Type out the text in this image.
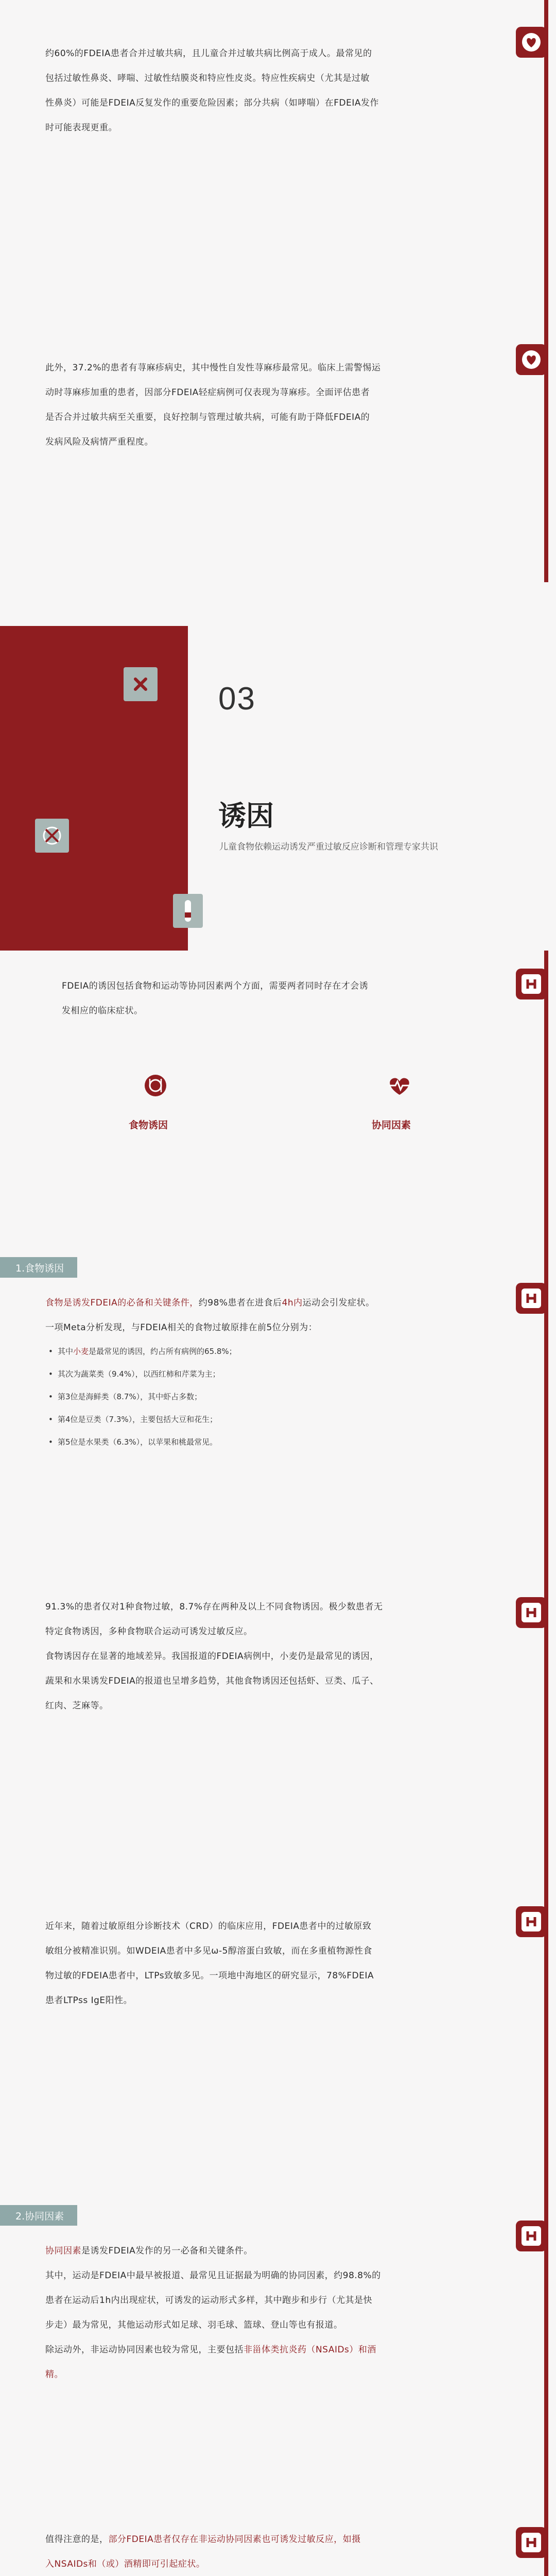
约60%的FDEIA患者合并过敏共病，且儿童合并过敏共病比例高于成人。最常见的

包括过敏性鼻炎、哮喘、过敏性结膜炎和特应性皮炎。特应性疾病史（尤其是过敏

性鼻炎）可能是FDEIA反复发作的重要危险因素；部分共病（如哮喘）在FDEIA发作

时可能表现更重。

此外，37.2%的患者有荨麻疹病史，其中慢性自发性荨麻疹最常见。临床上需警惕运

动时荨麻疹加重的患者，因部分FDEIA轻症病例可仅表现为荨麻疹。全面评估患者

是否合并过敏共病至关重要，良好控制与管理过敏共病，可能有助于降低FDEIA的

发病风险及病情严重程度。

03
诱因
儿童食物依赖运动诱发严重过敏反应诊断和管理专家共识

FDEIA的诱因包括食物和运动等协同因素两个方面，需要两者同时存在才会诱

发相应的临床症状。

食物诱因	协同因素
1.食物诱因

食物是诱发FDEIA的必备和关键条件，约98%患者在进食后4h内运动会引发症状。

一项Meta分析发现，与FDEIA相关的食物过敏原排在前5位分别为：

• 其中小麦是最常见的诱因，约占所有病例的65.8%；
• 其次为蔬菜类（9.4%），以西红柿和芹菜为主；
• 第3位是海鲜类（8.7%），其中虾占多数；
• 第4位是豆类（7.3%），主要包括大豆和花生；
• 第5位是水果类（6.3%），以苹果和桃最常见。

91.3%的患者仅对1种食物过敏，8.7%存在两种及以上不同食物诱因。极少数患者无

特定食物诱因，多种食物联合运动可诱发过敏反应。

食物诱因存在显著的地域差异。我国报道的FDEIA病例中，小麦仍是最常见的诱因，

蔬果和水果诱发FDEIA的报道也呈增多趋势，其他食物诱因还包括虾、豆类、瓜子、

红肉、芝麻等。

近年来，随着过敏原组分诊断技术（CRD）的临床应用，FDEIA患者中的过敏原致

敏组分被精准识别。如WDEIA患者中多见ω-5醇溶蛋白致敏，而在多重植物源性食

物过敏的FDEIA患者中，LTPs致敏多见。一项地中海地区的研究显示，78%FDEIA

患者LTPss IgE阳性。

2.协同因素

协同因素是诱发FDEIA发作的另一必备和关键条件。

其中，运动是FDEIA中最早被报道、最常见且证据最为明确的协同因素，约98.8%的

患者在运动后1h内出现症状，可诱发的运动形式多样，其中跑步和步行（尤其是快

步走）最为常见，其他运动形式如足球、羽毛球、篮球、登山等也有报道。

除运动外，非运动协同因素也较为常见，主要包括非甾体类抗炎药（NSAIDs）和酒

精。

值得注意的是，部分FDEIA患者仅存在非运动协同因素也可诱发过敏反应，如摄

入NSAIDs和（或）酒精即可引起症状。
